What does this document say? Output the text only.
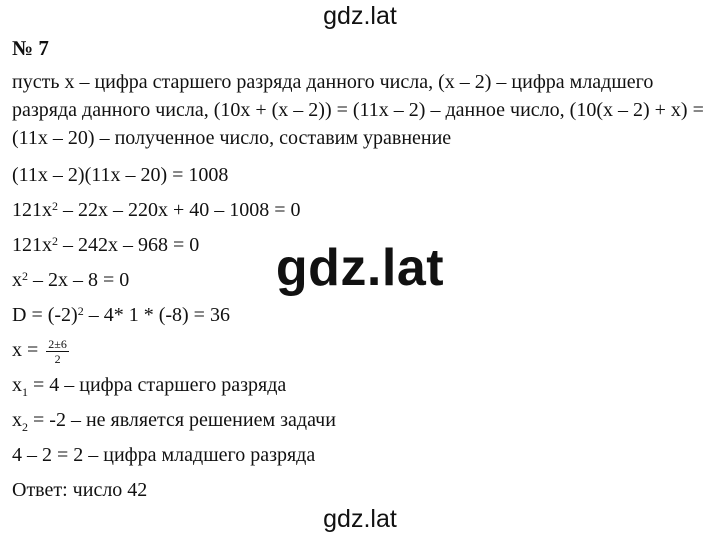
gdz.lat
№ 7
пусть x – цифра старшего разряда данного числа, (x – 2) – цифра младшего разряда данного числа, (10x + (x – 2)) = (11x – 2) – данное число, (10(x – 2) + x) = (11x – 20) – полученное число, составим уравнение
(11x – 2)(11x – 20) = 1008
$121x^2 - 22x - 220x + 40 - 1008 = 0$
$121x^2 - 242x - 968 = 0$
$x^2 - 2x - 8 = 0$
$D = (-2)^2 - 4*$ 1 * (-8) = 36
$x = \frac{2\pm 6}{2}$
$x_1 = 4$ – цифра старшего разряда
$x_2 = -2$ – не является решением задачи
4 – 2 = 2 – цифра младшего разряда
Ответ: число 42
gdz.lat
gdz.lat
